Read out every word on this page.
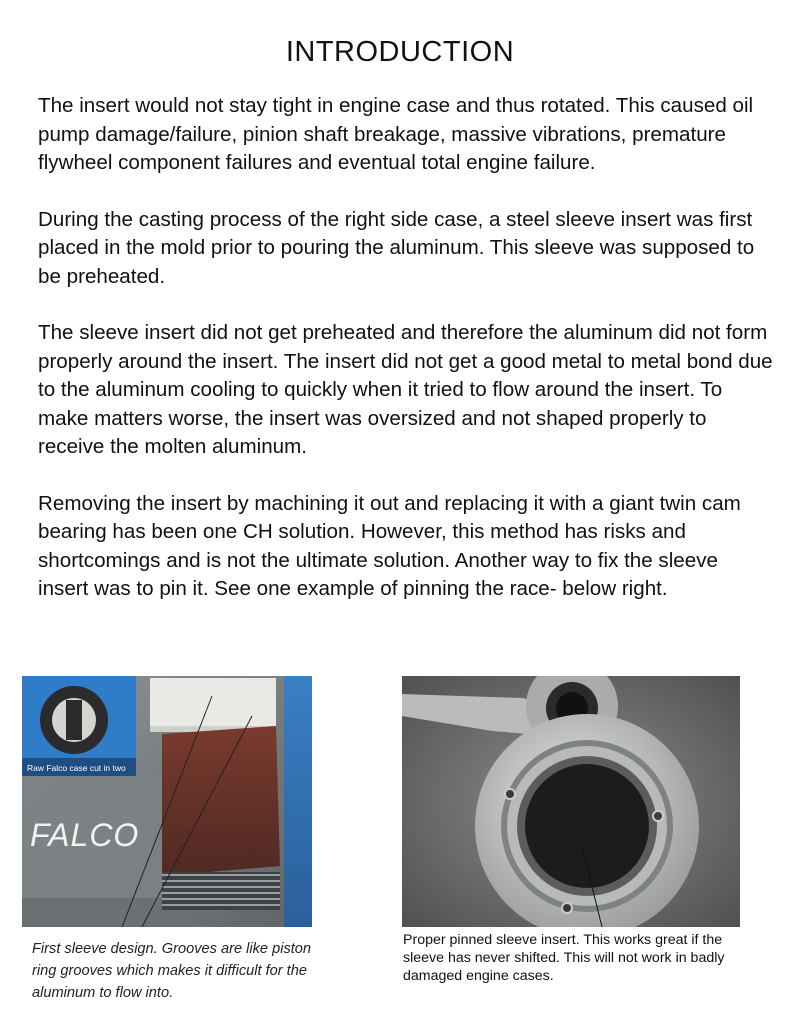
INTRODUCTION

The insert would not stay tight in engine case and thus rotated. This caused oil pump damage/failure, pinion shaft breakage, massive vibrations, premature flywheel component failures and eventual total engine failure.

During the casting process of the right side case, a steel sleeve insert was first placed in the mold prior to pouring the aluminum. This sleeve was supposed to be preheated.

The sleeve insert did not get preheated and therefore the aluminum did not form properly around the insert. The insert did not get a good metal to metal bond due to the aluminum cooling to quickly when it tried to flow around the insert. To make matters worse, the insert was oversized and not shaped properly to receive the molten aluminum.

Removing the insert by machining it out and replacing it with a giant twin cam bearing has been one CH solution. However, this method has risks and shortcomings and is not the ultimate solution. Another way to fix the sleeve insert was to pin it. See one example of pinning the race- below right.

Raw Falco case cut in two
FALCO
First sleeve design. Grooves are like piston ring grooves which makes it difficult for the aluminum to flow into.
Proper pinned sleeve insert. This works great if the sleeve has never shifted. This will not work in badly damaged engine cases.
